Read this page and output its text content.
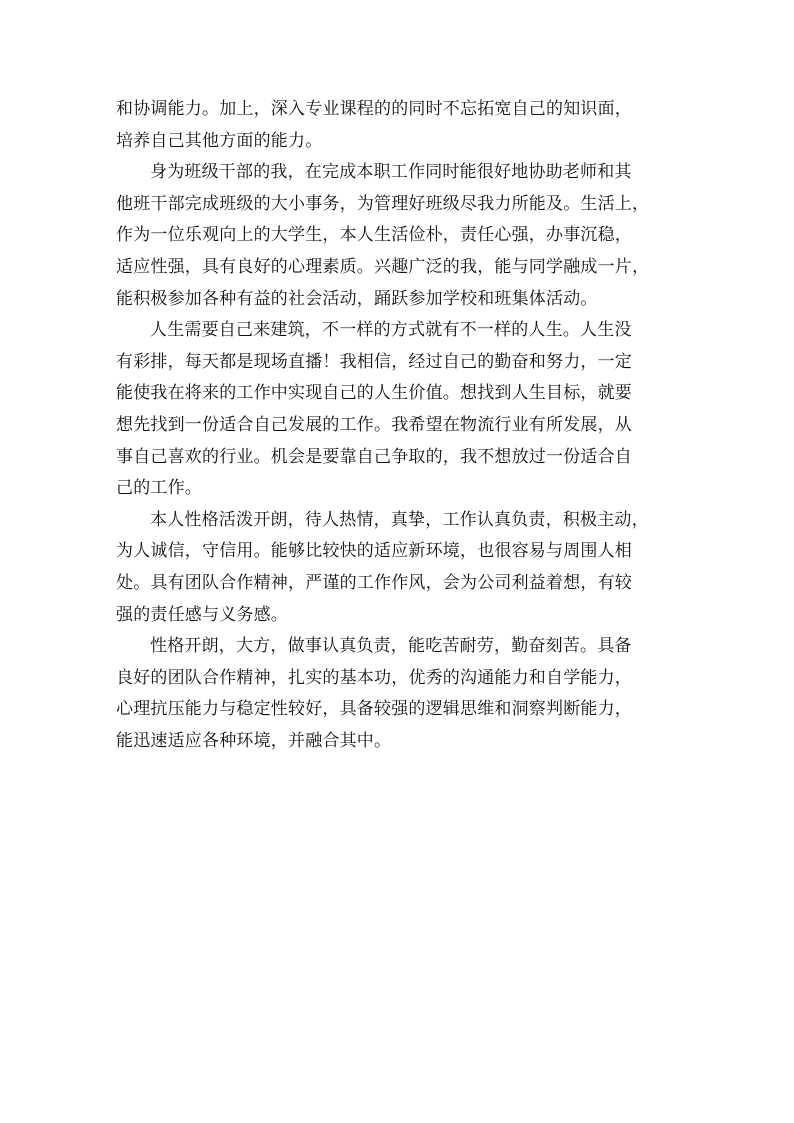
和协调能力。加上，深入专业课程的的同时不忘拓宽自己的知识面，
培养自己其他方面的能力。
身为班级干部的我，在完成本职工作同时能很好地协助老师和其
他班干部完成班级的大小事务，为管理好班级尽我力所能及。生活上，
作为一位乐观向上的大学生，本人生活俭朴，责任心强，办事沉稳，
适应性强，具有良好的心理素质。兴趣广泛的我，能与同学融成一片，
能积极参加各种有益的社会活动，踊跃参加学校和班集体活动。
人生需要自己来建筑，不一样的方式就有不一样的人生。人生没
有彩排，每天都是现场直播！我相信，经过自己的勤奋和努力，一定
能使我在将来的工作中实现自己的人生价值。想找到人生目标，就要
想先找到一份适合自己发展的工作。我希望在物流行业有所发展，从
事自己喜欢的行业。机会是要靠自己争取的，我不想放过一份适合自
己的工作。
本人性格活泼开朗，待人热情，真挚，工作认真负责，积极主动，
为人诚信，守信用。能够比较快的适应新环境，也很容易与周围人相
处。具有团队合作精神，严谨的工作作风，会为公司利益着想，有较
强的责任感与义务感。
性格开朗，大方，做事认真负责，能吃苦耐劳，勤奋刻苦。具备
良好的团队合作精神，扎实的基本功，优秀的沟通能力和自学能力，
心理抗压能力与稳定性较好，具备较强的逻辑思维和洞察判断能力，
能迅速适应各种环境，并融合其中。
